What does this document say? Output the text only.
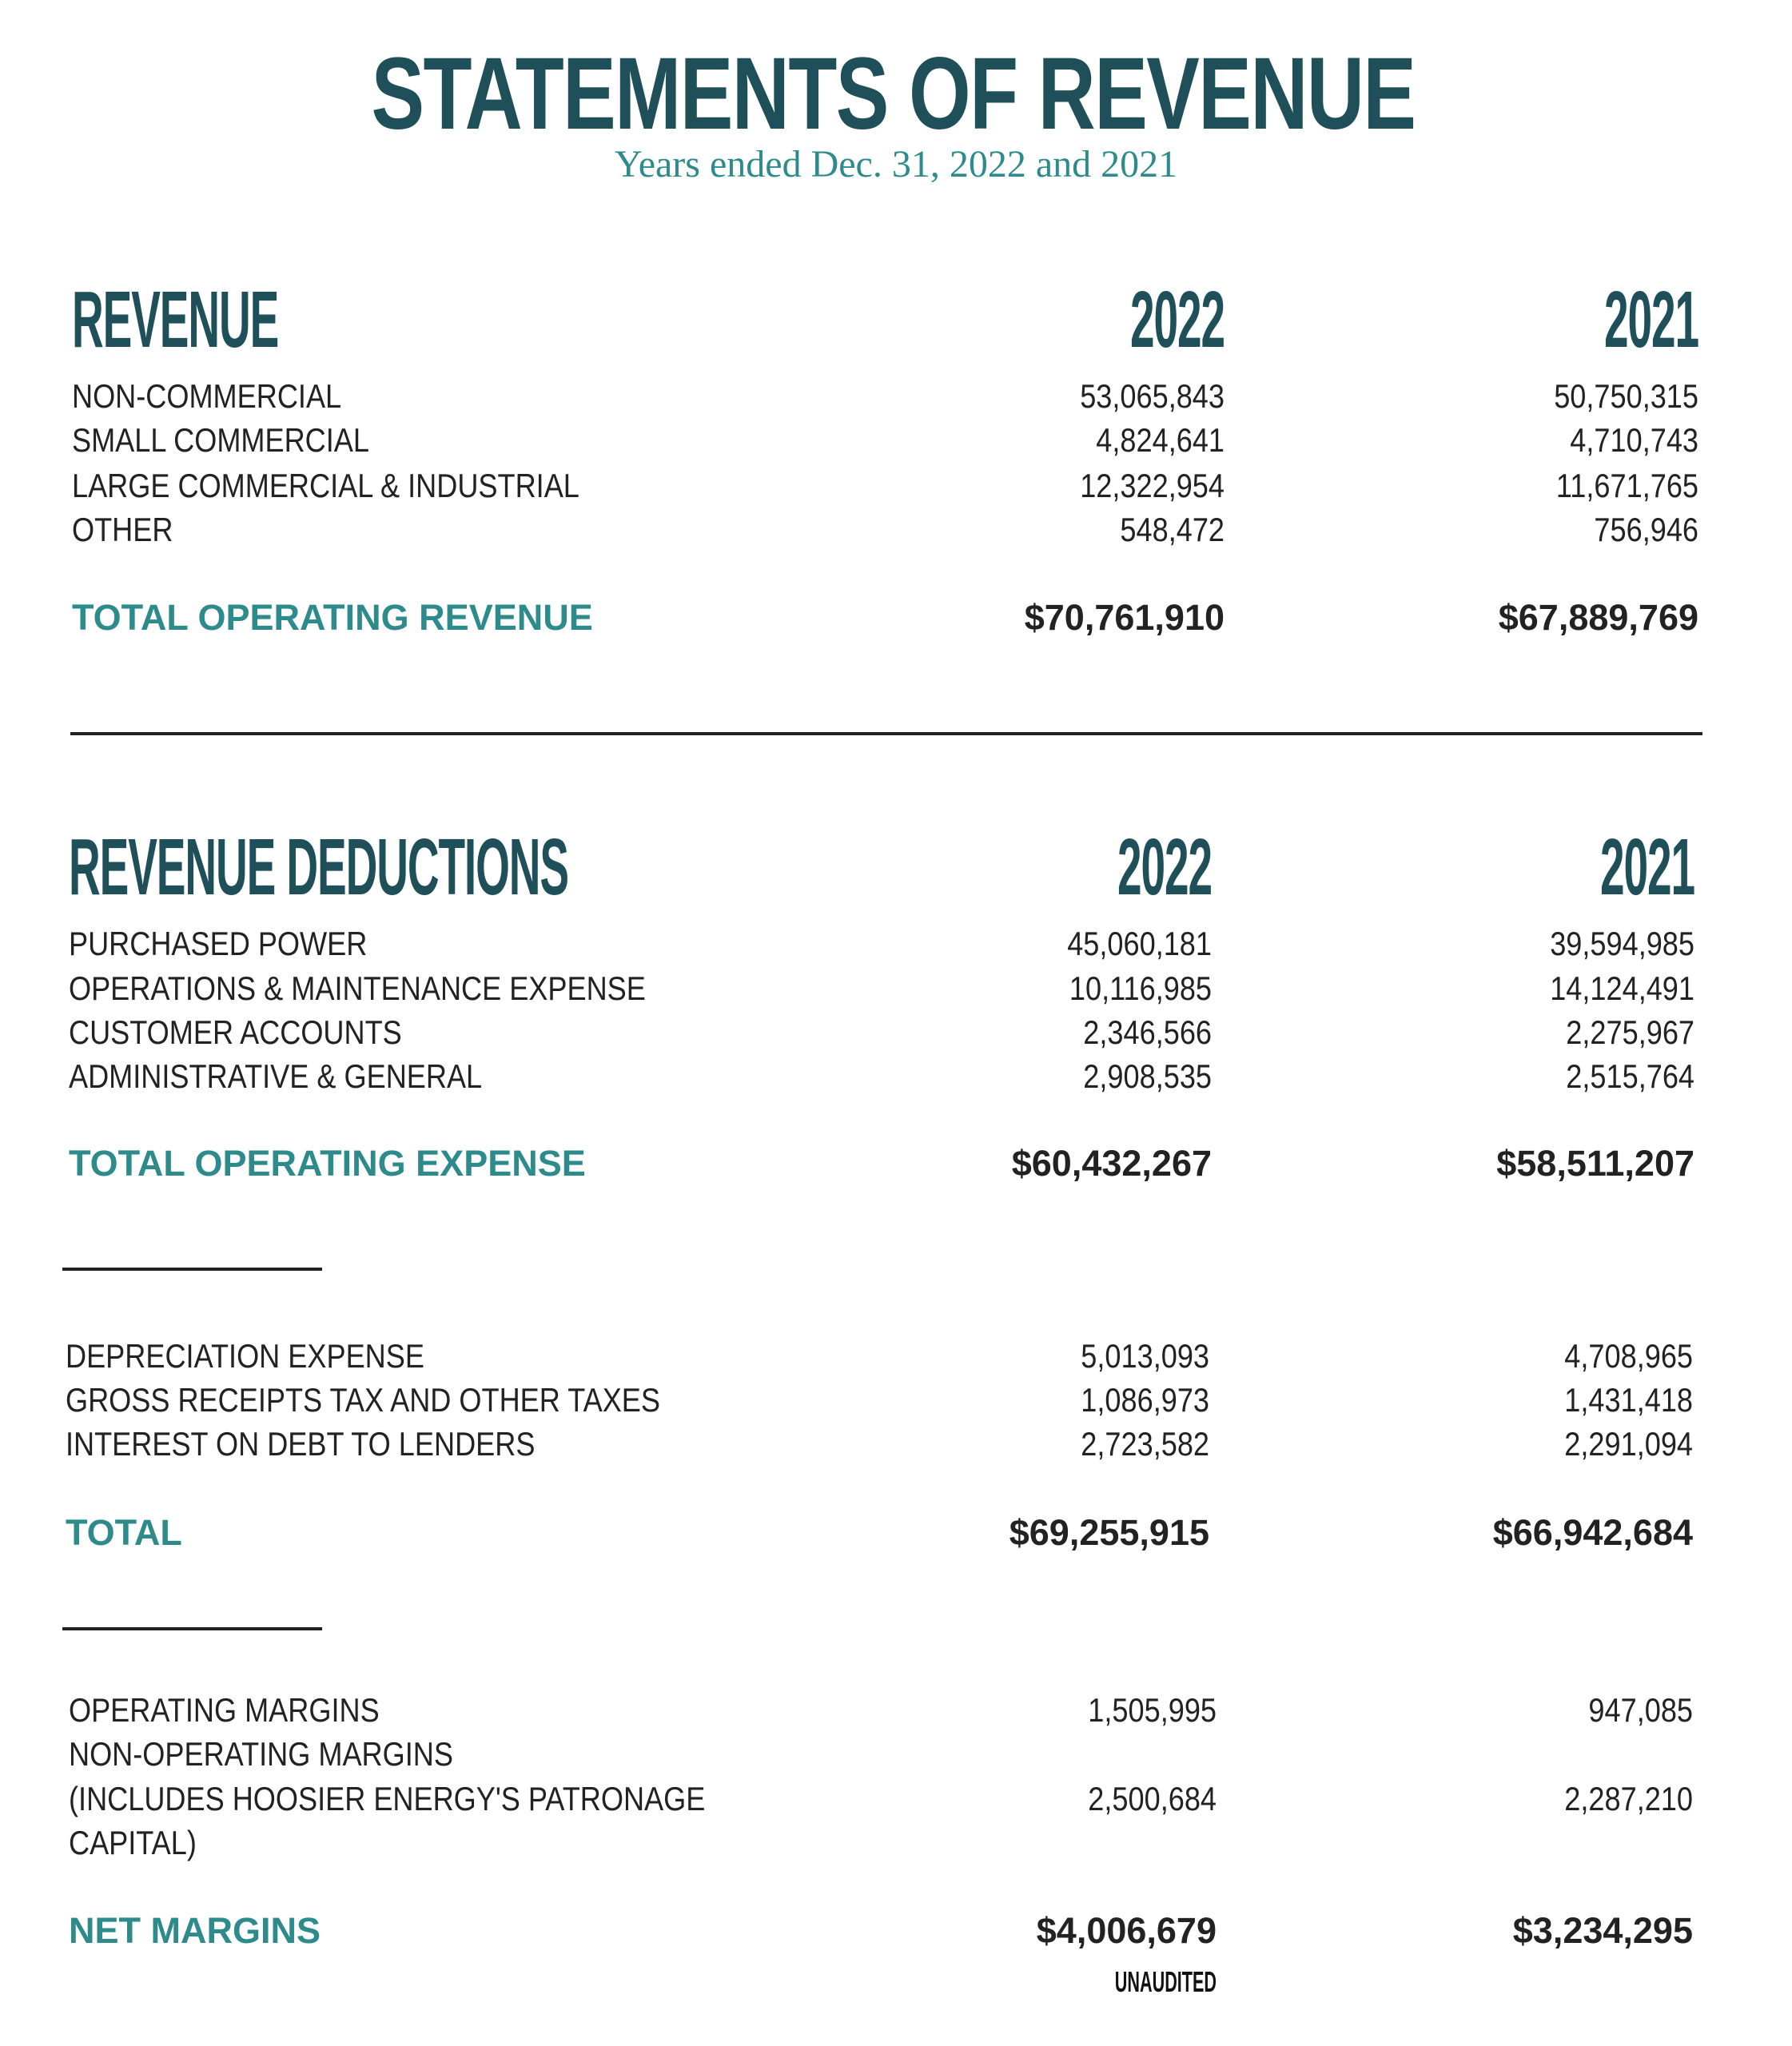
STATEMENTS OF REVENUE
Years ended Dec. 31, 2022 and 2021
REVENUE	2022	2021
NON-COMMERCIAL	53,065,843	50,750,315
SMALL COMMERCIAL	4,824,641	4,710,743
LARGE COMMERCIAL & INDUSTRIAL	12,322,954	11,671,765
OTHER	548,472	756,946
TOTAL OPERATING REVENUE	$70,761,910	$67,889,769
REVENUE DEDUCTIONS	2022	2021
PURCHASED POWER	45,060,181	39,594,985
OPERATIONS & MAINTENANCE EXPENSE	10,116,985	14,124,491
CUSTOMER ACCOUNTS	2,346,566	2,275,967
ADMINISTRATIVE & GENERAL	2,908,535	2,515,764
TOTAL OPERATING EXPENSE	$60,432,267	$58,511,207
DEPRECIATION EXPENSE	5,013,093	4,708,965
GROSS RECEIPTS TAX AND OTHER TAXES	1,086,973	1,431,418
INTEREST ON DEBT TO LENDERS	2,723,582	2,291,094
TOTAL	$69,255,915	$66,942,684
OPERATING MARGINS	1,505,995	947,085
NON-OPERATING MARGINS
(INCLUDES HOOSIER ENERGY'S PATRONAGE
CAPITAL)
2,500,684	2,287,210
NET MARGINS	$4,006,679	$3,234,295
UNAUDITED
